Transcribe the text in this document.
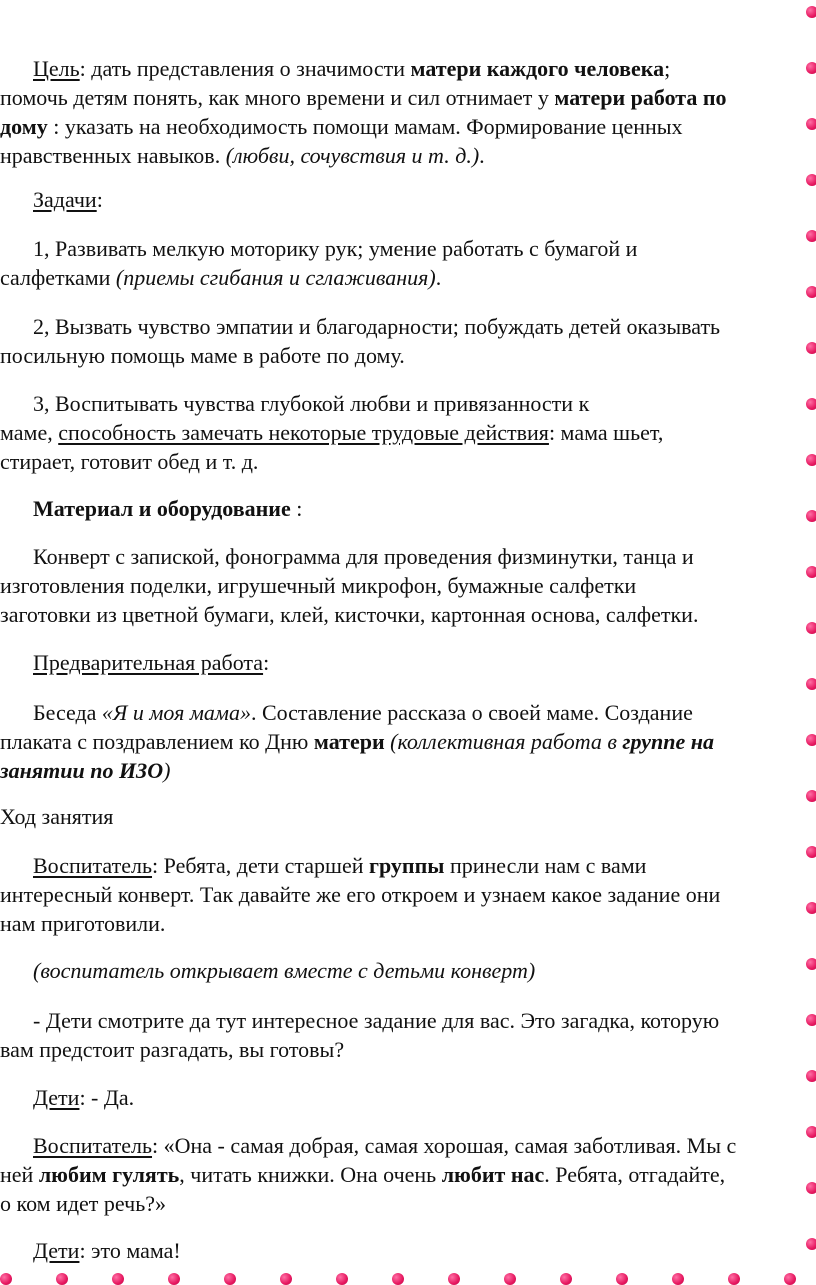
Цель: дать представления о значимости матери каждого человека;
помочь детям понять, как много времени и сил отнимает у матери работа по
дому : указать на необходимость помощи мамам. Формирование ценных
нравственных навыков. (любви, сочувствия и т. д.).

Задачи:

1, Развивать мелкую моторику рук; умение работать с бумагой и
салфетками (приемы сгибания и сглаживания).

2, Вызвать чувство эмпатии и благодарности; побуждать детей оказывать
посильную помощь маме в работе по дому.

3, Воспитывать чувства глубокой любви и привязанности к
маме, способность замечать некоторые трудовые действия: мама шьет,
стирает, готовит обед и т. д.

Материал и оборудование :

Конверт с запиской, фонограмма для проведения физминутки, танца и
изготовления поделки, игрушечный микрофон, бумажные салфетки
заготовки из цветной бумаги, клей, кисточки, картонная основа, салфетки.

Предварительная работа:

Беседа «Я и моя мама». Составление рассказа о своей маме. Создание
плаката с поздравлением ко Дню матери (коллективная работа в группе на
занятии по ИЗО)

Ход занятия

Воспитатель: Ребята, дети старшей группы принесли нам с вами
интересный конверт. Так давайте же его откроем и узнаем какое задание они
нам приготовили.

(воспитатель открывает вместе с детьми конверт)

- Дети смотрите да тут интересное задание для вас. Это загадка, которую
вам предстоит разгадать, вы готовы?

Дети: - Да.

Воспитатель: «Она - самая добрая, самая хорошая, самая заботливая. Мы с
ней любим гулять, читать книжки. Она очень любит нас. Ребята, отгадайте,
о ком идет речь?»

Дети: это мама!
